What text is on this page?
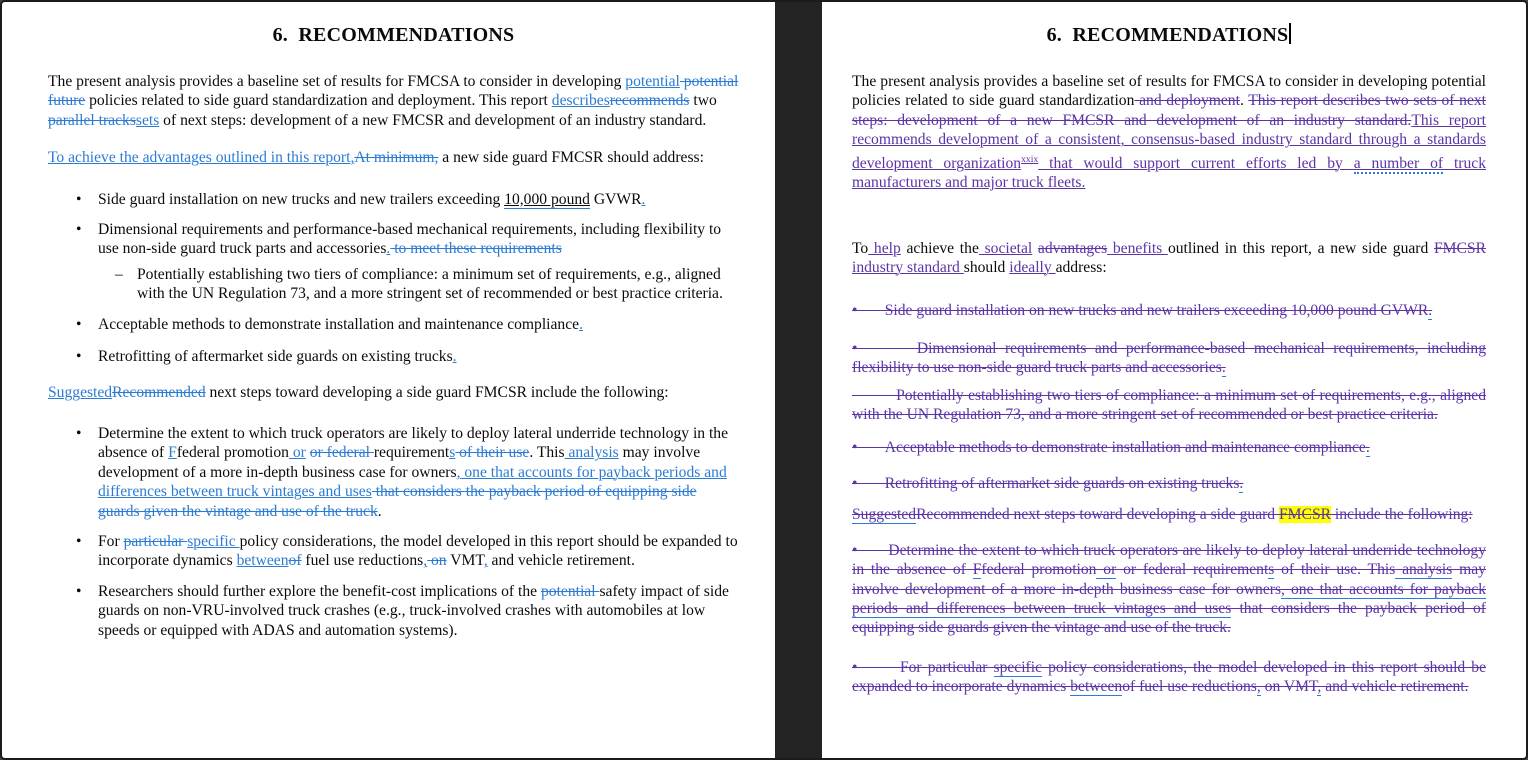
6.  RECOMMENDATIONS
The present analysis provides a baseline set of results for FMCSA to consider in developing potential potential future policies related to side guard standardization and deployment. This report describesrecommends two parallel trackssets of next steps: development of a new FMCSR and development of an industry standard.
To achieve the advantages outlined in this report,At minimum, a new side guard FMCSR should address:
• Side guard installation on new trucks and new trailers exceeding 10,000 pound GVWR.
• Dimensional requirements and performance-based mechanical requirements, including flexibility to use non-side guard truck parts and accessories. to meet these requirements
– Potentially establishing two tiers of compliance: a minimum set of requirements, e.g., aligned with the UN Regulation 73, and a more stringent set of recommended or best practice criteria.
• Acceptable methods to demonstrate installation and maintenance compliance.
• Retrofitting of aftermarket side guards on existing trucks.
SuggestedRecommended next steps toward developing a side guard FMCSR include the following:
• Determine the extent to which truck operators are likely to deploy lateral underride technology in the absence of Ffederal promotion or or federal requirements of their use. This analysis may involve development of a more in-depth business case for owners, one that accounts for payback periods and differences between truck vintages and uses that considers the payback period of equipping side guards given the vintage and use of the truck.
• For particular specific policy considerations, the model developed in this report should be expanded to incorporate dynamics betweenof fuel use reductions, on VMT, and vehicle retirement.
• Researchers should further explore the benefit-cost implications of the potential safety impact of side guards on non-VRU-involved truck crashes (e.g., truck-involved crashes with automobiles at low speeds or equipped with ADAS and automation systems).
6.  RECOMMENDATIONS
The present analysis provides a baseline set of results for FMCSA to consider in developing potential policies related to side guard standardization and deployment. This report describes two sets of next steps: development of a new FMCSR and development of an industry standard.This report recommends development of a consistent, consensus-based industry standard through a standards development organization$^{xxix}$ that would support current efforts led by a number of truck manufacturers and major truck fleets.
To help achieve the societal advantages benefits outlined in this report, a new side guard FMCSR industry standard should ideally address:
•       Side guard installation on new trucks and new trailers exceeding 10,000 pound GVWR.
•       Dimensional requirements and performance-based mechanical requirements, including flexibility to use non-side guard truck parts and accessories.
Potentially establishing two tiers of compliance: a minimum set of requirements, e.g., aligned with the UN Regulation 73, and a more stringent set of recommended or best practice criteria.
•       Acceptable methods to demonstrate installation and maintenance compliance.
•       Retrofitting of aftermarket side guards on existing trucks.
SuggestedRecommended next steps toward developing a side guard FMCSR include the following:
•       Determine the extent to which truck operators are likely to deploy lateral underride technology in the absence of Ffederal promotion or or federal requirements of their use. This analysis may involve development of a more in-depth business case for owners, one that accounts for payback periods and differences between truck vintages and uses that considers the payback period of equipping side guards given the vintage and use of the truck.
•       For particular specific policy considerations, the model developed in this report should be expanded to incorporate dynamics betweenof fuel use reductions, on VMT, and vehicle retirement.
